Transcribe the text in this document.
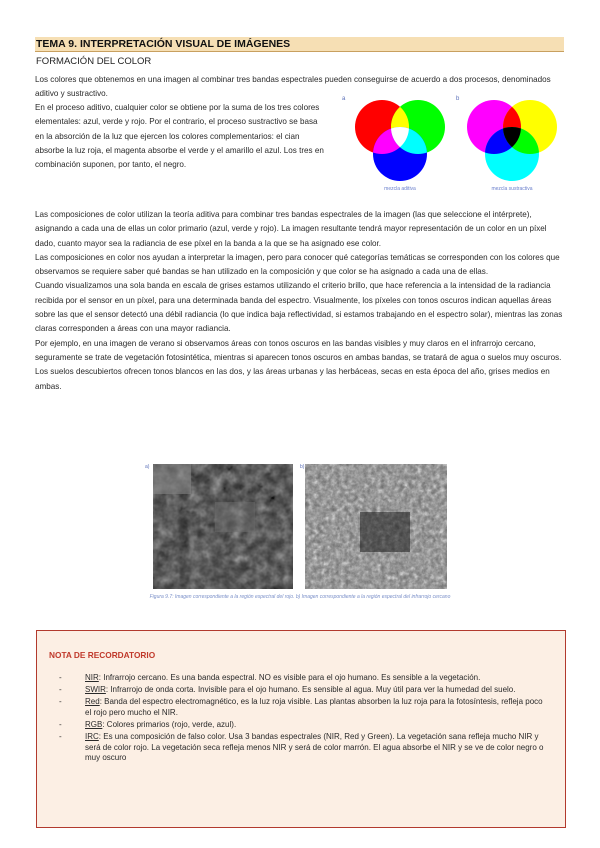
TEMA 9. INTERPRETACIÓN VISUAL DE IMÁGENES
FORMACIÓN DEL COLOR
Los colores que obtenemos en una imagen al combinar tres bandas espectrales pueden conseguirse de acuerdo a dos procesos, denominados aditivo y sustractivo.
En el proceso aditivo, cualquier color se obtiene por la suma de los tres colores elementales: azul, verde y rojo. Por el contrario, el proceso sustractivo se basa en la absorción de la luz que ejercen los colores complementarios: el cian absorbe la luz roja, el magenta absorbe el verde y el amarillo el azul. Los tres en combinación suponen, por tanto, el negro.
a
mezcla aditiva
b
mezcla sustractiva
Las composiciones de color utilizan la teoría aditiva para combinar tres bandas espectrales de la imagen (las que seleccione el intérprete), asignando a cada una de ellas un color primario (azul, verde y rojo). La imagen resultante tendrá mayor representación de un color en un píxel dado, cuanto mayor sea la radiancia de ese píxel en la banda a la que se ha asignado ese color.
Las composiciones en color nos ayudan a interpretar la imagen, pero para conocer qué categorías temáticas se corresponden con los colores que observamos se requiere saber qué bandas se han utilizado en la composición y que color se ha asignado a cada una de ellas.
Cuando visualizamos una sola banda en escala de grises estamos utilizando el criterio brillo, que hace referencia a la intensidad de la radiancia recibida por el sensor en un píxel, para una determinada banda del espectro. Visualmente, los píxeles con tonos oscuros indican aquellas áreas sobre las que el sensor detectó una débil radiancia (lo que indica baja reflectividad, si estamos trabajando en el espectro solar), mientras las zonas claras corresponden a áreas con una mayor radiancia.
Por ejemplo, en una imagen de verano si observamos áreas con tonos oscuros en las bandas visibles y muy claros en el infrarrojo cercano, seguramente se trate de vegetación fotosintética, mientras si aparecen tonos oscuros en ambas bandas, se tratará de agua o suelos muy oscuros. Los suelos descubiertos ofrecen tonos blancos en las dos, y las áreas urbanas y las herbáceas, secas en esta época del año, grises medios en ambas.
a)	b)
Figura 9.7: Imagen correspondiente a la región espectral del rojo. b) Imagen correspondiente a la región espectral del infrarrojo cercano
NOTA DE RECORDATORIO
-	NIR: Infrarrojo cercano. Es una banda espectral. NO es visible para el ojo humano. Es sensible a la vegetación.
-	SWIR: Infrarrojo de onda corta. Invisible para el ojo humano. Es sensible al agua. Muy útil para ver la humedad del suelo.
-	Red: Banda del espectro electromagnético, es la luz roja visible. Las plantas absorben la luz roja para la fotosíntesis, refleja poco el rojo pero mucho el NIR.
-	RGB: Colores primarios (rojo, verde, azul).
-	IRC: Es una composición de falso color. Usa 3 bandas espectrales (NIR, Red y Green). La vegetación sana refleja mucho NIR y será de color rojo. La vegetación seca refleja menos NIR y será de color marrón. El agua absorbe el NIR y se ve de color negro o muy oscuro
